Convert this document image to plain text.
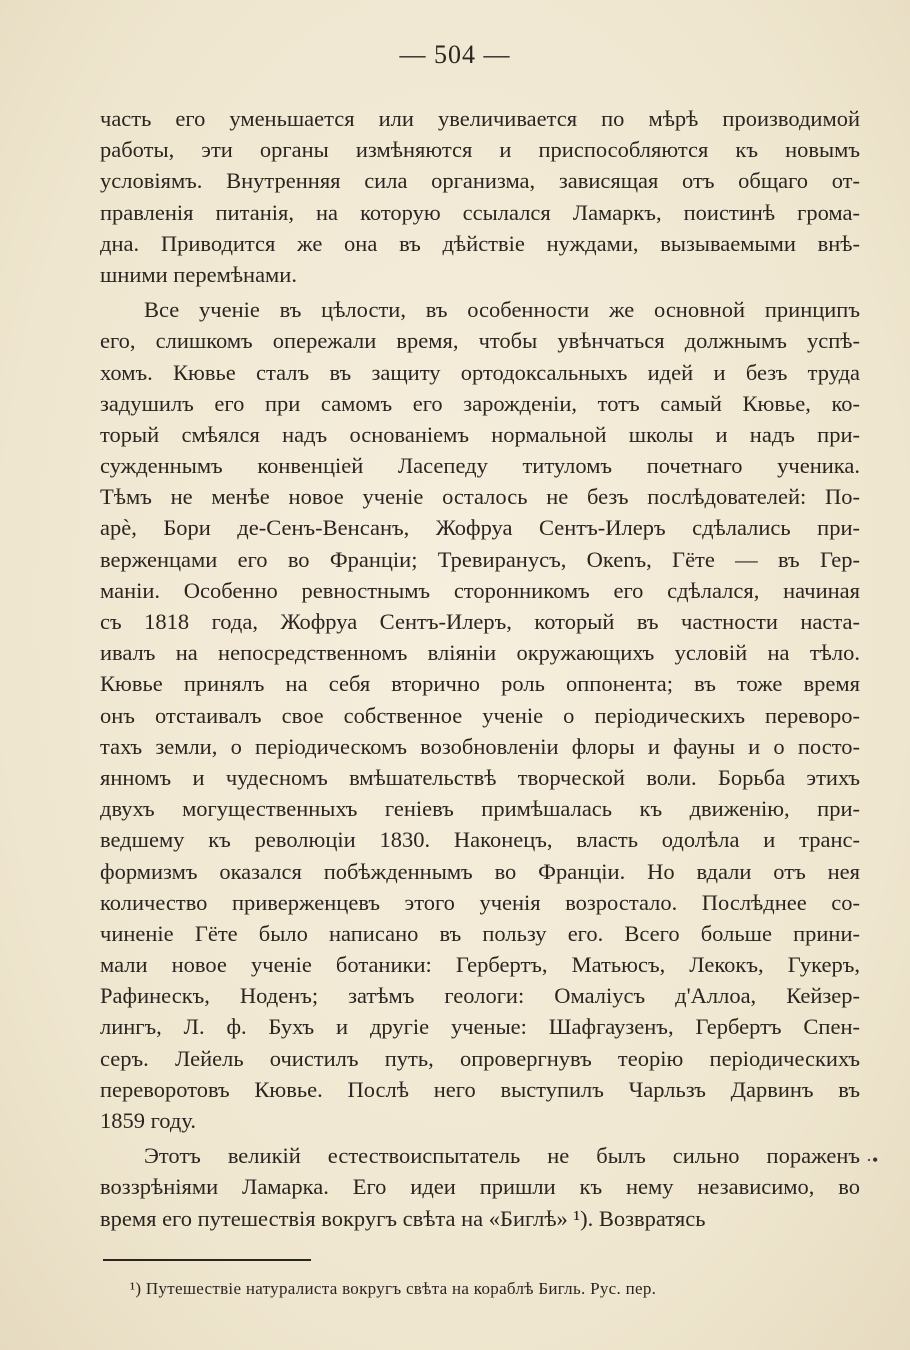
— 504 —
часть его уменьшается или увеличивается по мѣрѣ производимой
работы, эти органы измѣняются и приспособляются къ новымъ
условіямъ. Внутренняя сила организма, зависящая отъ общаго от-
правленія питанія, на которую ссылался Ламаркъ, поистинѣ грома-
дна. Приводится же она въ дѣйствіе нуждами, вызываемыми внѣ-
шними перемѣнами.
Все ученіе въ цѣлости, въ особенности же основной принципъ
его, слишкомъ опережали время, чтобы увѣнчаться должнымъ успѣ-
хомъ. Кювье сталъ въ защиту ортодоксальныхъ идей и безъ труда
задушилъ его при самомъ его зарожденіи, тотъ самый Кювье, ко-
торый смѣялся надъ основаніемъ нормальной школы и надъ при-
сужденнымъ конвенціей Ласепеду титуломъ почетнаго ученика.
Тѣмъ не менѣе новое ученіе осталось не безъ послѣдователей: По-
арè, Бори де-Сенъ-Венсанъ, Жофруа Сентъ-Илеръ сдѣлались при-
верженцами его во Франціи; Тревиранусъ, Океnъ, Гёте — въ Гер-
маніи. Особенно ревностнымъ сторонникомъ его сдѣлался, начиная
съ 1818 года, Жофруа Сентъ-Илеръ, который въ частности наста-
ивалъ на непосредственномъ вліяніи окружающихъ условій на тѣло.
Кювье принялъ на себя вторично роль оппонента; въ тоже время
онъ отстаивалъ свое собственное ученіе о періодическихъ переворо-
тахъ земли, о періодическомъ возобновленіи флоры и фауны и о посто-
янномъ и чудесномъ вмѣшательствѣ творческой воли. Борьба этихъ
двухъ могущественныхъ геніевъ примѣшалась къ движенію, при-
ведшему къ революціи 1830. Наконецъ, власть одолѣла и транс-
формизмъ оказался побѣжденнымъ во Франціи. Но вдали отъ нея
количество приверженцевъ этого ученія возростало. Послѣднее со-
чиненіе Гёте было написано въ пользу его. Всего больше прини-
мали новое ученіе ботаники: Гербертъ, Матьюсъ, Лекокъ, Гукеръ,
Рафинескъ, Ноденъ; затѣмъ геологи: Омаліусъ д'Аллоа, Кейзер-
лингъ, Л. ф. Бухъ и другіе ученые: Шафгаузенъ, Гербертъ Спен-
серъ. Лейель очистилъ путь, опровергнувъ теорію періодическихъ
переворотовъ Кювье. Послѣ него выступилъ Чарльзъ Дарвинъ въ
1859 году.
Этотъ великій естествоиспытатель не былъ сильно пораженъ
воззрѣніями Ламарка. Его идеи пришли къ нему независимо, во
время его путешествія вокругъ свѣта на «Биглѣ» ¹). Возвратясь
·•
¹) Путешествіе натуралиста вокругъ свѣта на кораблѣ Бигль. Рус. пер.
